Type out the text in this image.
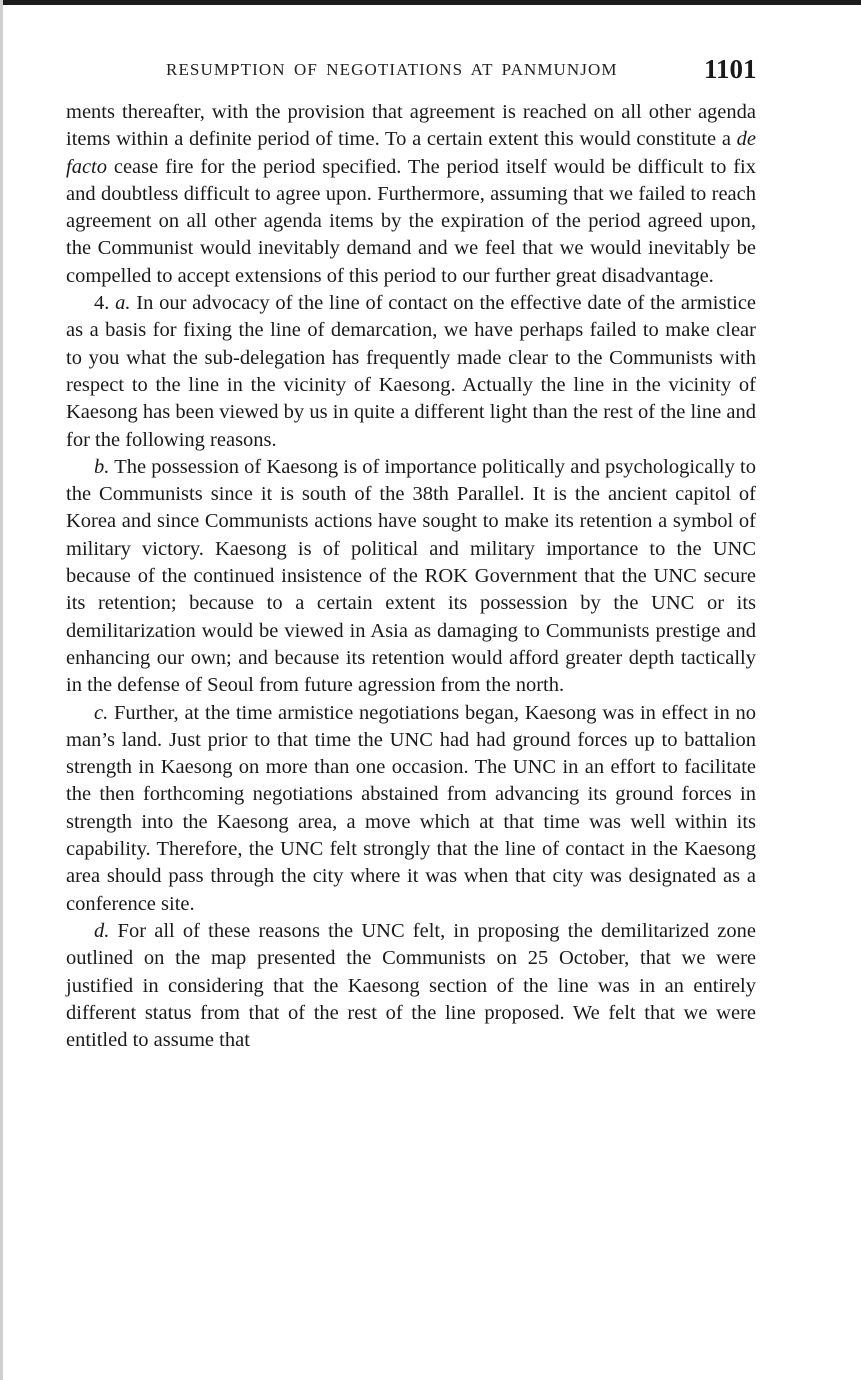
RESUMPTION OF NEGOTIATIONS AT PANMUNJOM	1101

ments thereafter, with the provision that agreement is reached on all other agenda items within a definite period of time. To a certain extent this would constitute a de facto cease fire for the period specified. The period itself would be difficult to fix and doubtless difficult to agree upon. Furthermore, assuming that we failed to reach agreement on all other agenda items by the expiration of the period agreed upon, the Communist would inevitably demand and we feel that we would inevitably be compelled to accept extensions of this period to our further great disadvantage.

4. a. In our advocacy of the line of contact on the effective date of the armistice as a basis for fixing the line of demarcation, we have perhaps failed to make clear to you what the sub-delegation has frequently made clear to the Communists with respect to the line in the vicinity of Kaesong. Actually the line in the vicinity of Kaesong has been viewed by us in quite a different light than the rest of the line and for the following reasons.

b. The possession of Kaesong is of importance politically and psychologically to the Communists since it is south of the 38th Parallel. It is the ancient capitol of Korea and since Communists actions have sought to make its retention a symbol of military victory. Kaesong is of political and military importance to the UNC because of the continued insistence of the ROK Government that the UNC secure its retention; because to a certain extent its possession by the UNC or its demilitarization would be viewed in Asia as damaging to Communists prestige and enhancing our own; and because its retention would afford greater depth tactically in the defense of Seoul from future agression from the north.

c. Further, at the time armistice negotiations began, Kaesong was in effect in no man’s land. Just prior to that time the UNC had had ground forces up to battalion strength in Kaesong on more than one occasion. The UNC in an effort to facilitate the then forthcoming negotiations abstained from advancing its ground forces in strength into the Kaesong area, a move which at that time was well within its capability. Therefore, the UNC felt strongly that the line of contact in the Kaesong area should pass through the city where it was when that city was designated as a conference site.

d. For all of these reasons the UNC felt, in proposing the demilitarized zone outlined on the map presented the Communists on 25 October, that we were justified in considering that the Kaesong section of the line was in an entirely different status from that of the rest of the line proposed. We felt that we were entitled to assume that
